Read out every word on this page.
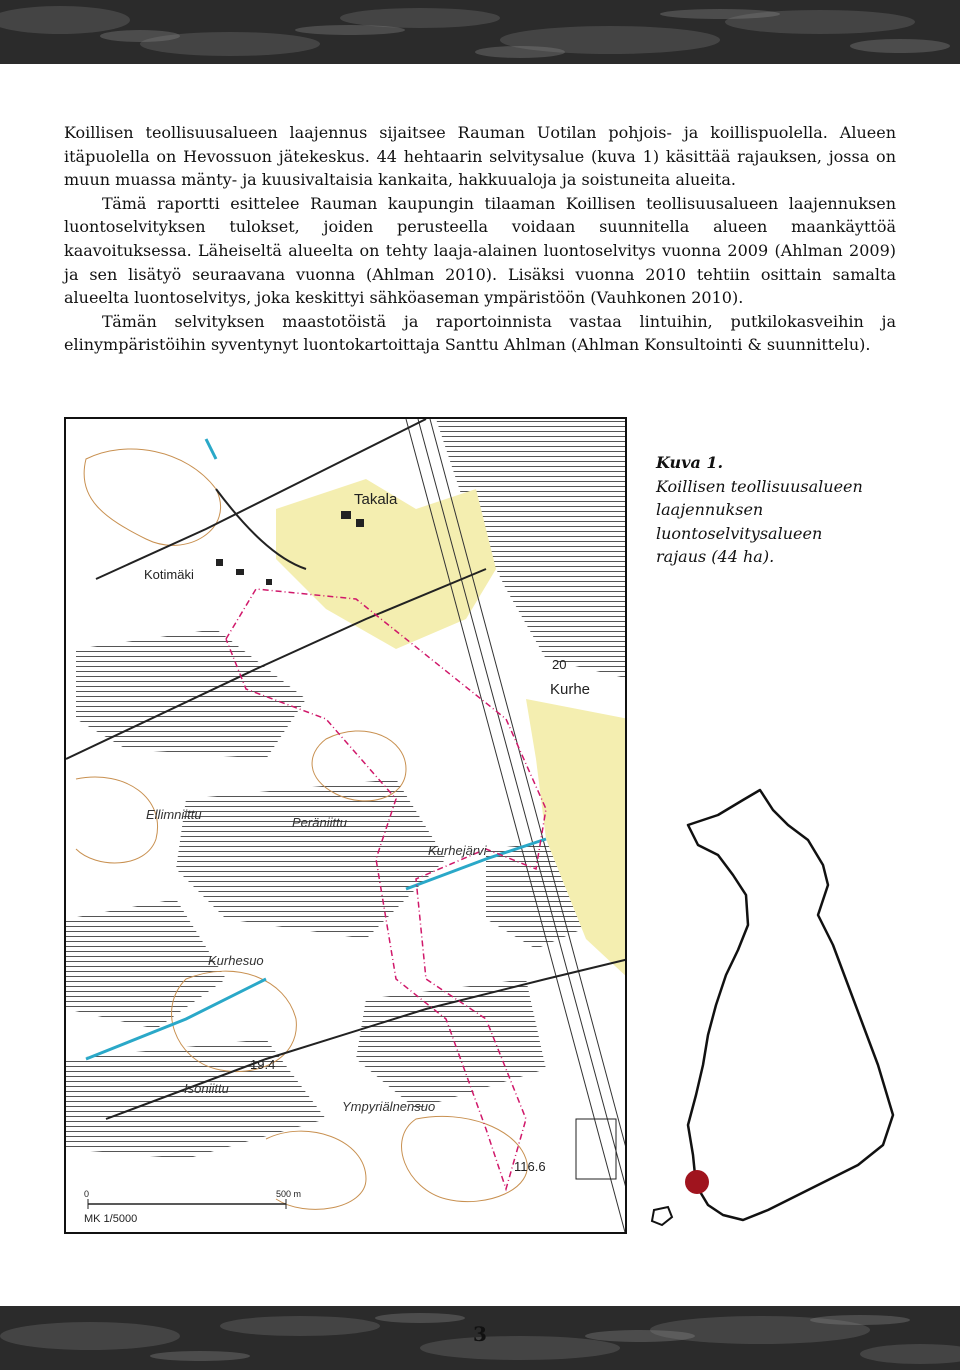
Koillisen teollisuusalueen laajennus sijaitsee Rauman Uotilan pohjois- ja koillispuolella. Alueen itäpuolella on Hevossuon jätekeskus. 44 hehtaarin selvitysalue (kuva 1) käsittää rajauksen, jossa on muun muassa mänty- ja kuusivaltaisia kankaita, hakkuualoja ja soistuneita alueita.

Tämä raportti esittelee Rauman kaupungin tilaaman Koillisen teollisuusalueen laajennuksen luontoselvityksen tulokset, joiden perusteella voidaan suunnitella alueen maankäyttöä kaavoituksessa. Läheiseltä alueelta on tehty laaja-alainen luontoselvitys vuonna 2009 (Ahlman 2009) ja sen lisätyö seuraavana vuonna (Ahlman 2010). Lisäksi vuonna 2010 tehtiin osittain samalta alueelta luontoselvitys, joka keskittyi sähköaseman ympäristöön (Vauhkonen 2010).

Tämän selvityksen maastotöistä ja raportoinnista vastaa lintuihin, putkilokasveihin ja elinympäristöihin syventynyt luontokartoittaja Santtu Ahlman (Ahlman Konsultointi & suunnittelu).

Takala
Kotimäki
Kurhe
20
Ellimniittu
Peräniittu
Kurhejärvi
Kurhesuo
19.4
Isoniittu
Ympyriälnensuo
116.6
0	500 m
MK 1/5000
Kuva 1.
Koillisen teollisuusalueen laajennuksen luontoselvitysalueen rajaus (44 ha).
3
